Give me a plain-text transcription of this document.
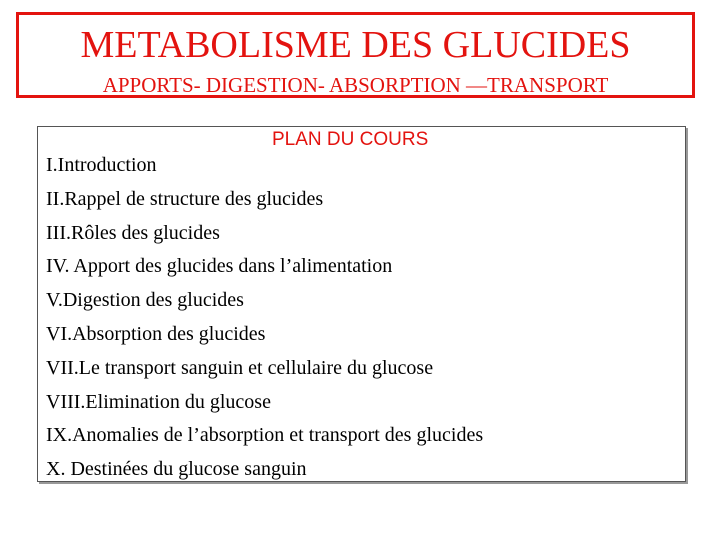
METABOLISME DES GLUCIDES
APPORTS- DIGESTION- ABSORPTION —TRANSPORT
PLAN DU COURS
I.Introduction
II.Rappel de structure des glucides
III.Rôles des glucides
IV. Apport des glucides dans l’alimentation
V.Digestion des glucides
VI.Absorption des glucides
VII.Le transport sanguin et cellulaire du glucose
VIII.Elimination du glucose
IX.Anomalies de l’absorption et transport des glucides
X. Destinées du glucose sanguin
